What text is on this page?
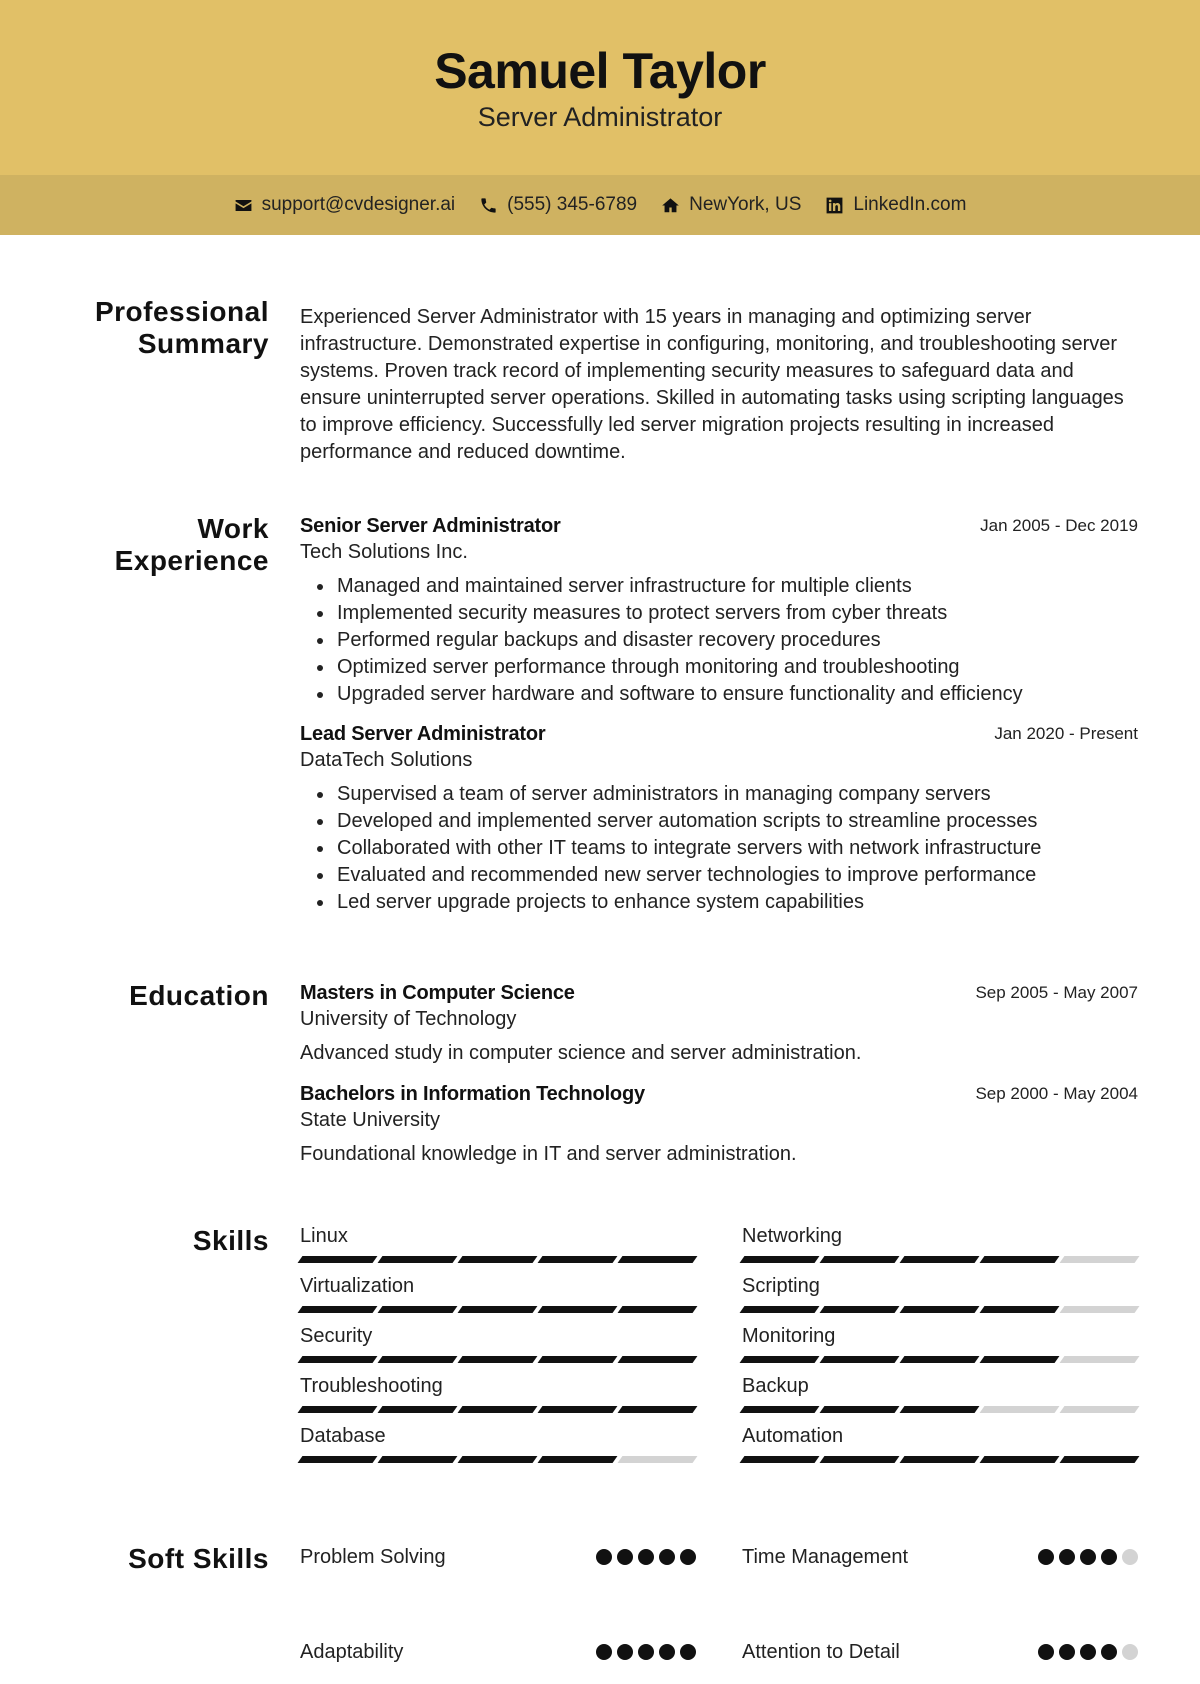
Samuel Taylor
Server Administrator
support@cvdesigner.ai	(555) 345-6789	NewYork, US	LinkedIn.com
Professional Summary
Experienced Server Administrator with 15 years in managing and optimizing server infrastructure. Demonstrated expertise in configuring, monitoring, and troubleshooting server systems. Proven track record of implementing security measures to safeguard data and ensure uninterrupted server operations. Skilled in automating tasks using scripting languages to improve efficiency. Successfully led server migration projects resulting in increased performance and reduced downtime.
Work Experience
Senior Server Administrator	Jan 2005 - Dec 2019
Tech Solutions Inc.
Managed and maintained server infrastructure for multiple clients
Implemented security measures to protect servers from cyber threats
Performed regular backups and disaster recovery procedures
Optimized server performance through monitoring and troubleshooting
Upgraded server hardware and software to ensure functionality and efficiency
Lead Server Administrator	Jan 2020 - Present
DataTech Solutions
Supervised a team of server administrators in managing company servers
Developed and implemented server automation scripts to streamline processes
Collaborated with other IT teams to integrate servers with network infrastructure
Evaluated and recommended new server technologies to improve performance
Led server upgrade projects to enhance system capabilities
Education Masters in Computer Science	Sep 2005 - May 2007
University of Technology
Advanced study in computer science and server administration.
Bachelors in Information Technology	Sep 2000 - May 2004
State University
Foundational knowledge in IT and server administration.
Skills Linux	Networking
Virtualization	Scripting
Security	Monitoring
Troubleshooting	Backup
Database	Automation
Soft Skills Problem Solving	Time Management
Adaptability	Attention to Detail
